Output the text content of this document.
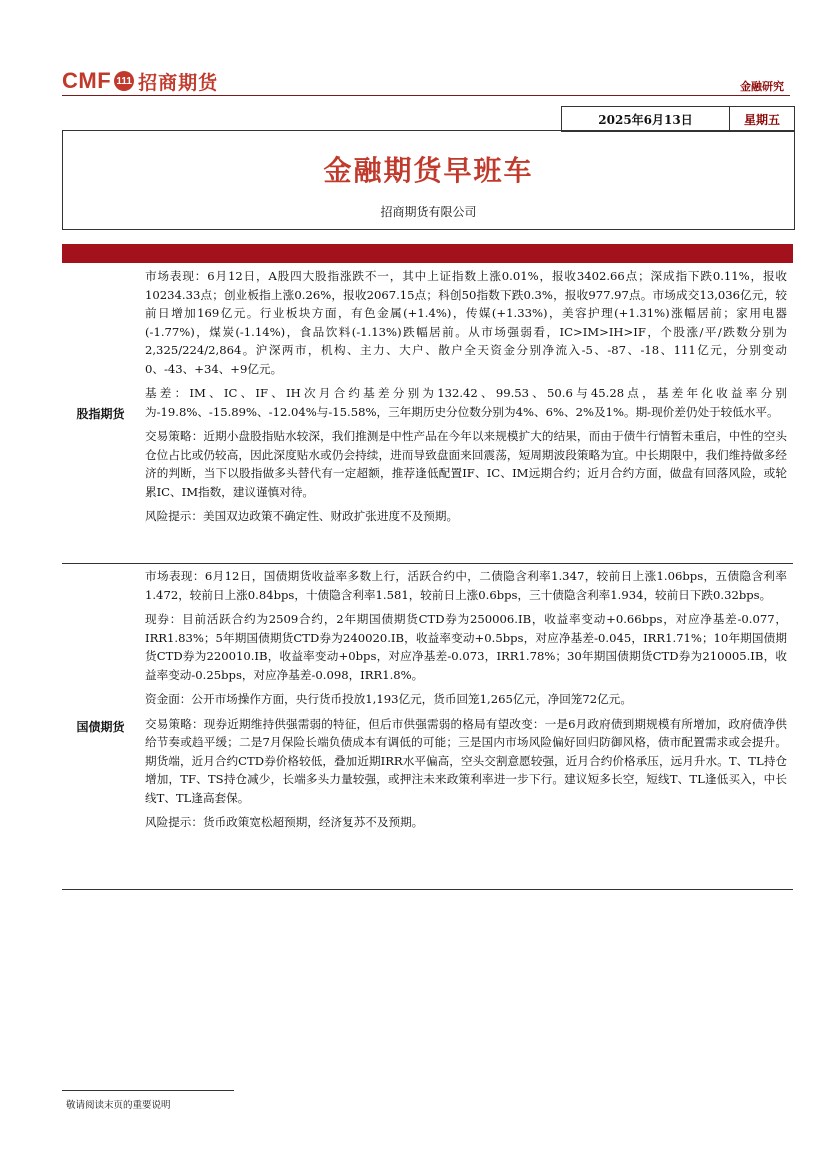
CMF 111 招商期货	金融研究
2025年6月13日	星期五
金融期货早班车
招商期货有限公司
股指期货

市场表现：6月12日，A股四大股指涨跌不一，其中上证指数上涨0.01%，报收3402.66点；深成指下跌0.11%，报收10234.33点；创业板指上涨0.26%，报收2067.15点；科创50指数下跌0.3%，报收977.97点。市场成交13,036亿元，较前日增加169亿元。行业板块方面，有色金属(+1.4%)，传媒(+1.33%)，美容护理(+1.31%)涨幅居前；家用电器(-1.77%)，煤炭(-1.14%)，食品饮料(-1.13%)跌幅居前。从市场强弱看，IC>IM>IH>IF，个股涨/平/跌数分别为2,325/224/2,864。沪深两市，机构、主力、大户、散户全天资金分别净流入-5、-87、-18、111亿元，分别变动0、-43、+34、+9亿元。

基差：IM、IC、IF、IH次月合约基差分别为132.42、99.53、50.6与45.28点，基差年化收益率分别为-19.8%、-15.89%、-12.04%与-15.58%，三年期历史分位数分别为4%、6%、2%及1%。期-现价差仍处于较低水平。

交易策略：近期小盘股指贴水较深，我们推测是中性产品在今年以来规模扩大的结果，而由于债牛行情暂未重启，中性的空头仓位占比或仍较高，因此深度贴水或仍会持续，进而导致盘面来回震荡，短周期波段策略为宜。中长期限中，我们维持做多经济的判断，当下以股指做多头替代有一定超额，推荐逢低配置IF、IC、IM远期合约；近月合约方面，做盘有回落风险，或轮累IC、IM指数，建议谨慎对待。

风险提示：美国双边政策不确定性、财政扩张进度不及预期。

国债期货

市场表现：6月12日，国债期货收益率多数上行，活跃合约中，二债隐含利率1.347，较前日上涨1.06bps，五债隐含利率1.472，较前日上涨0.84bps，十债隐含利率1.581，较前日上涨0.6bps，三十债隐含利率1.934，较前日下跌0.32bps。

现券：目前活跃合约为2509合约，2年期国债期货CTD券为250006.IB，收益率变动+0.66bps，对应净基差-0.077，IRR1.83%；5年期国债期货CTD券为240020.IB，收益率变动+0.5bps，对应净基差-0.045，IRR1.71%；10年期国债期货CTD券为220010.IB，收益率变动+0bps，对应净基差-0.073，IRR1.78%；30年期国债期货CTD券为210005.IB，收益率变动-0.25bps，对应净基差-0.098，IRR1.8%。

资金面：公开市场操作方面，央行货币投放1,193亿元，货币回笼1,265亿元，净回笼72亿元。

交易策略：现券近期维持供强需弱的特征，但后市供强需弱的格局有望改变：一是6月政府债到期规模有所增加，政府债净供给节奏或趋平缓；二是7月保险长端负债成本有调低的可能；三是国内市场风险偏好回归防御风格，债市配置需求或会提升。期货端，近月合约CTD券价格较低，叠加近期IRR水平偏高，空头交割意愿较强，近月合约价格承压，远月升水。T、TL持仓增加，TF、TS持仓减少，长端多头力量较强，或押注未来政策利率进一步下行。建议短多长空，短线T、TL逢低买入，中长线T、TL逢高套保。

风险提示：货币政策宽松超预期，经济复苏不及预期。

敬请阅读末页的重要说明
